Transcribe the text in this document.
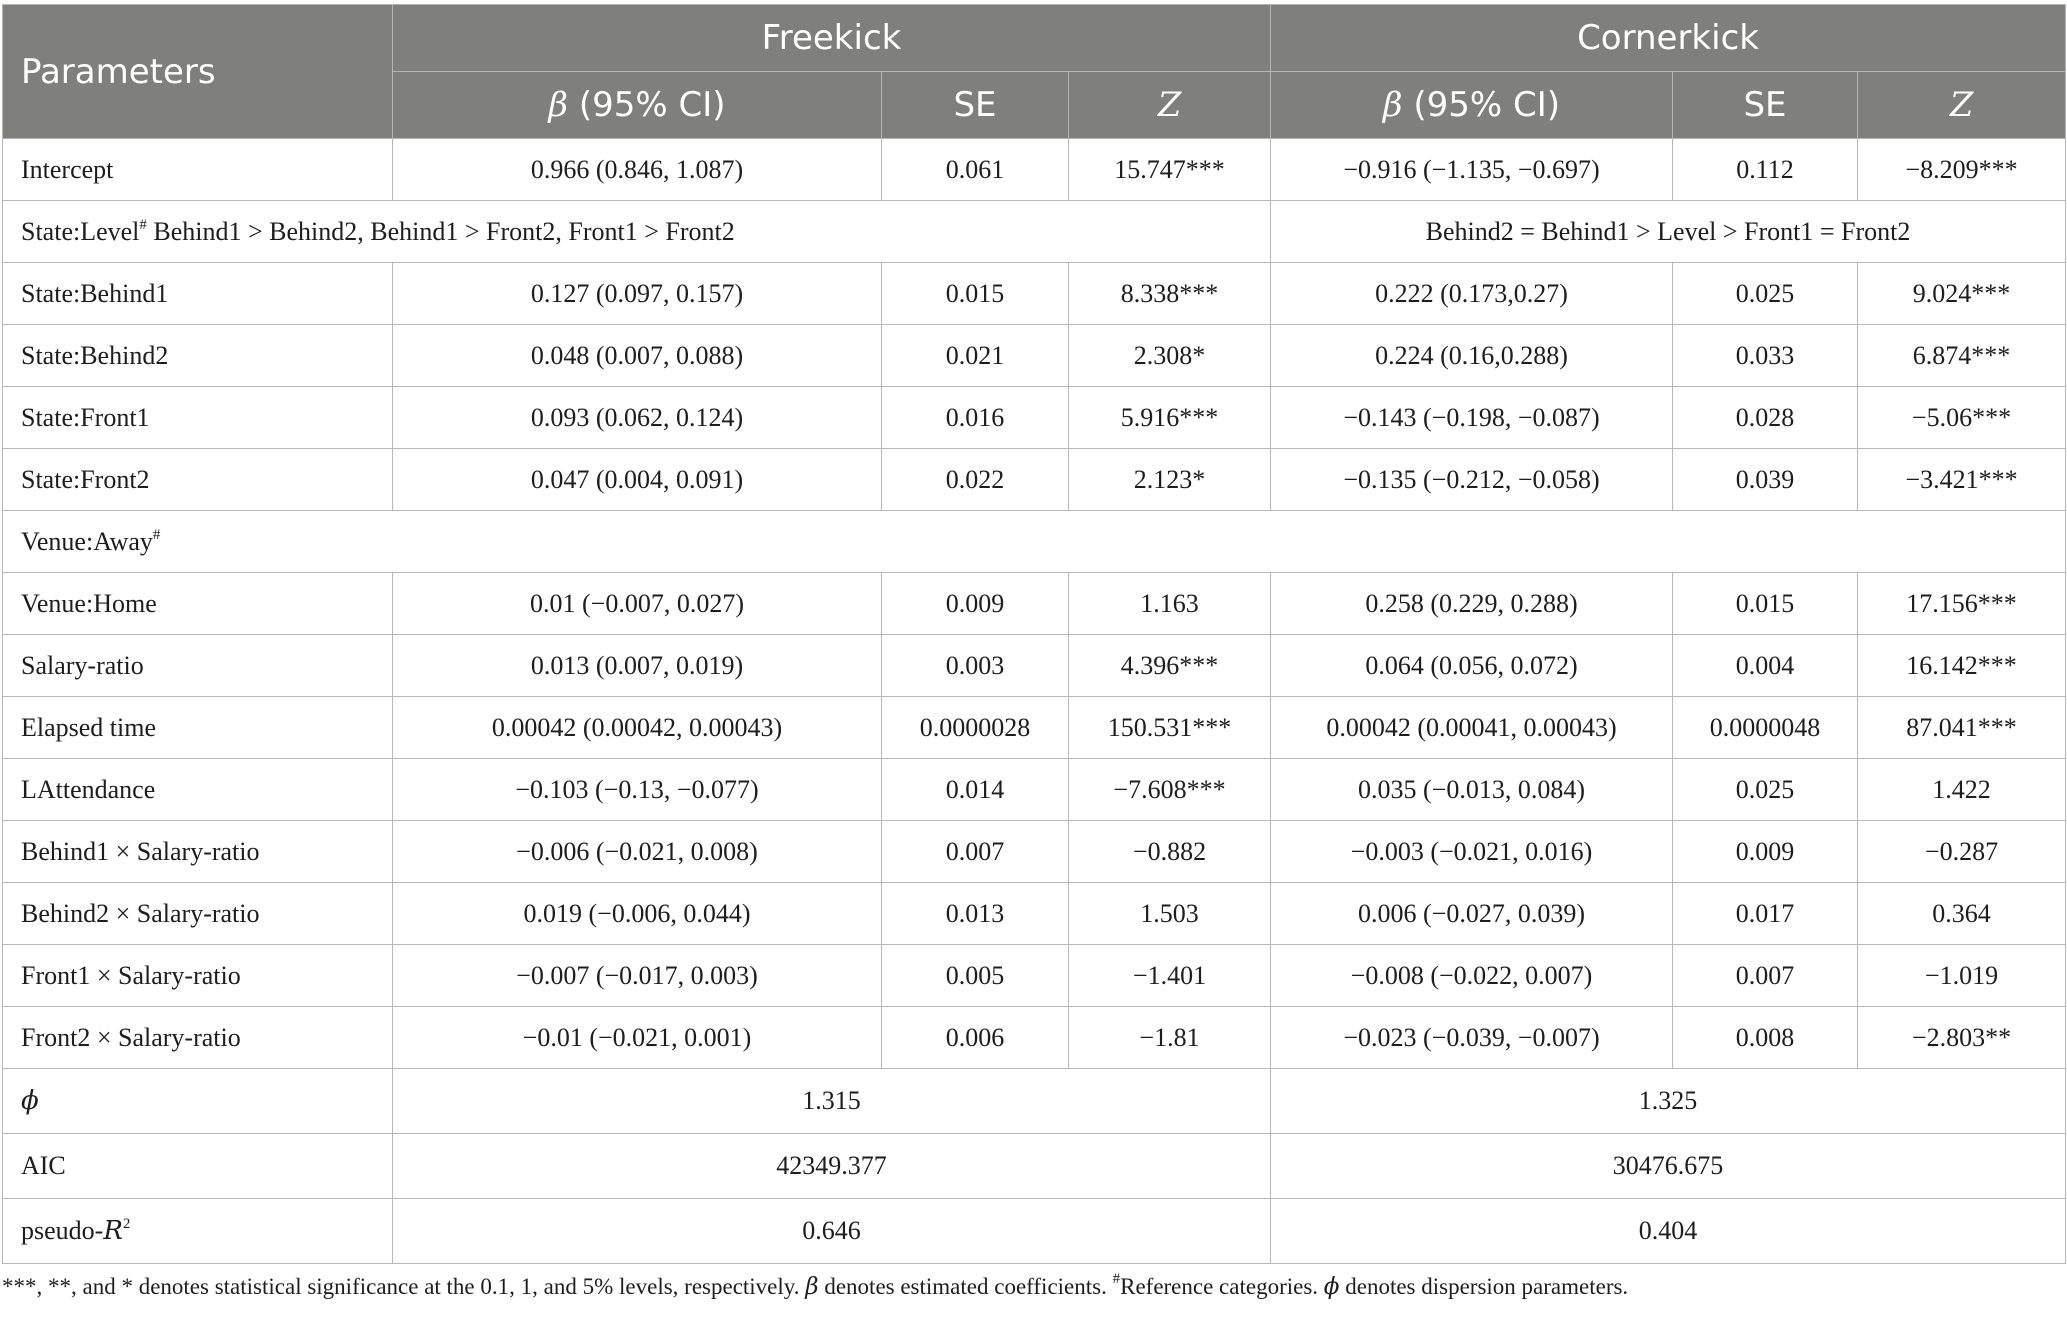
Parameters	Freekick			Cornerkick		
	β (95% CI)	SE	Z	β (95% CI)	SE	Z
Intercept	0.966 (0.846, 1.087)	0.061	15.747***	−0.916 (−1.135, −0.697)	0.112	−8.209***
State:Level# Behind1 > Behind2, Behind1 > Front2, Front1 > Front2				Behind2 = Behind1 > Level > Front1 = Front2		
State:Behind1	0.127 (0.097, 0.157)	0.015	8.338***	0.222 (0.173,0.27)	0.025	9.024***
State:Behind2	0.048 (0.007, 0.088)	0.021	2.308*	0.224 (0.16,0.288)	0.033	6.874***
State:Front1	0.093 (0.062, 0.124)	0.016	5.916***	−0.143 (−0.198, −0.087)	0.028	−5.06***
State:Front2	0.047 (0.004, 0.091)	0.022	2.123*	−0.135 (−0.212, −0.058)	0.039	−3.421***
Venue:Away#
Venue:Home	0.01 (−0.007, 0.027)	0.009	1.163	0.258 (0.229, 0.288)	0.015	17.156***
Salary-ratio	0.013 (0.007, 0.019)	0.003	4.396***	0.064 (0.056, 0.072)	0.004	16.142***
Elapsed time	0.00042 (0.00042, 0.00043)	0.0000028	150.531***	0.00042 (0.00041, 0.00043)	0.0000048	87.041***
LAttendance	−0.103 (−0.13, −0.077)	0.014	−7.608***	0.035 (−0.013, 0.084)	0.025	1.422
Behind1 × Salary-ratio	−0.006 (−0.021, 0.008)	0.007	−0.882	−0.003 (−0.021, 0.016)	0.009	−0.287
Behind2 × Salary-ratio	0.019 (−0.006, 0.044)	0.013	1.503	0.006 (−0.027, 0.039)	0.017	0.364
Front1 × Salary-ratio	−0.007 (−0.017, 0.003)	0.005	−1.401	−0.008 (−0.022, 0.007)	0.007	−1.019
Front2 × Salary-ratio	−0.01 (−0.021, 0.001)	0.006	−1.81	−0.023 (−0.039, −0.007)	0.008	−2.803**
ϕ	1.315			1.325		
AIC	42349.377			30476.675		
pseudo-$R^2$	0.646			0.404		
***, **, and * denotes statistical significance at the 0.1, 1, and 5% levels, respectively. β denotes estimated coefficients. #Reference categories. ϕ denotes dispersion parameters.
